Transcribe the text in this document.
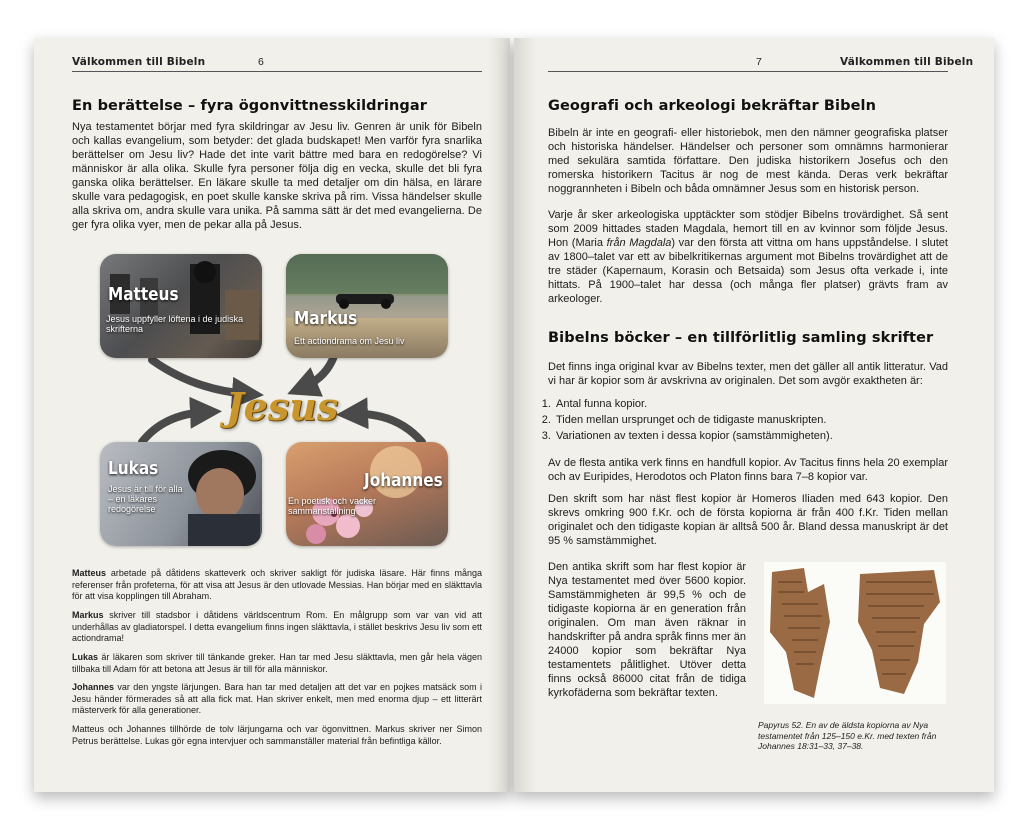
Välkommen till Bibeln	6
En berättelse – fyra ögonvittnesskildringar

Nya testamentet börjar med fyra skildringar av Jesu liv. Genren är unik för Bibeln och kallas evangelium, som betyder: det glada budskapet! Men varför fyra snarlika berättelser om Jesu liv? Hade det inte varit bättre med bara en redogörelse? Vi människor är alla olika. Skulle fyra personer följa dig en vecka, skulle det bli fyra ganska olika berättelser. En läkare skulle ta med detaljer om din hälsa, en lärare skulle vara pedagogisk, en poet skulle kanske skriva på rim. Vissa händelser skulle alla skriva om, andra skulle vara unika. På samma sätt är det med evangelierna. De ger fyra olika vyer, men de pekar alla på Jesus.

Matteus
Jesus uppfyller löftena i de judiska skrifterna	Markus
Ett actiondrama om Jesu liv
Lukas
Jesus är till för alla – en läkares redogörelse
Johannes
En poetisk och vacker sammanställning
Jesus

Matteus arbetade på dåtidens skatteverk och skriver sakligt för judiska läsare. Här finns många referenser från profeterna, för att visa att Jesus är den utlovade Messias. Han börjar med en släkttavla för att visa kopplingen till Abraham.

Markus skriver till stadsbor i dåtidens världscentrum Rom. En målgrupp som var van vid att underhållas av gladiatorspel. I detta evangelium finns ingen släkttavla, i stället beskrivs Jesu liv som ett actiondrama!

Lukas är läkaren som skriver till tänkande greker. Han tar med Jesu släkttavla, men går hela vägen tillbaka till Adam för att betona att Jesus är till för alla människor.

Johannes var den yngste lärjungen. Bara han tar med detaljen att det var en pojkes matsäck som i Jesu händer förmerades så att alla fick mat. Han skriver enkelt, men med enorma djup – ett litterärt mästerverk för alla generationer.

Matteus och Johannes tillhörde de tolv lärjungarna och var ögonvittnen. Markus skriver ner Simon Petrus berättelse. Lukas gör egna intervjuer och sammanställer material från befintliga källor.

7	Välkommen till Bibeln
Geografi och arkeologi bekräftar Bibeln

Bibeln är inte en geografi- eller historiebok, men den nämner geografiska platser och historiska händelser. Händelser och personer som omnämns harmonierar med sekulära samtida författare. Den judiska historikern Josefus och den romerska historikern Tacitus är nog de mest kända. Deras verk bekräftar noggrannheten i Bibeln och båda omnämner Jesus som en historisk person.

Varje år sker arkeologiska upptäckter som stödjer Bibelns trovärdighet. Så sent som 2009 hittades staden Magdala, hemort till en av kvinnor som följde Jesus. Hon (Maria från Magdala) var den första att vittna om hans uppståndelse. I slutet av 1800–talet var ett av bibelkritikernas argument mot Bibelns trovärdighet att de tre städer (Kapernaum, Korasin och Betsaida) som Jesus ofta verkade i, inte hittats. På 1900–talet har dessa (och många fler platser) grävts fram av arkeologer.

Bibelns böcker – en tillförlitlig samling skrifter

Det finns inga original kvar av Bibelns texter, men det gäller all antik litteratur. Vad vi har är kopior som är avskrivna av originalen. Det som avgör exaktheten är:

1. Antal funna kopior.
2. Tiden mellan ursprunget och de tidigaste manuskripten.
3. Variationen av texten i dessa kopior (samstämmigheten).

Av de flesta antika verk finns en handfull kopior. Av Tacitus finns hela 20 exemplar och av Euripides, Herodotos och Platon finns bara 7–8 kopior var.

Den skrift som har näst flest kopior är Homeros Iliaden med 643 kopior. Den skrevs omkring 900 f.Kr. och de första kopiorna är från 400 f.Kr. Tiden mellan originalet och den tidigaste kopian är alltså 500 år. Bland dessa manuskript är det 95 % samstämmighet.

Den antika skrift som har flest kopior är Nya testamentet med över 5600 kopior. Samstämmigheten är 99,5 % och de tidigaste kopiorna är en generation från originalen. Om man även räknar in handskrifter på andra språk finns mer än 24000 kopior som bekräftar Nya testamentets pålitlighet. Utöver detta finns också 86000 citat från de tidiga kyrkofäderna som bekräftar texten.

Papyrus 52. En av de äldsta kopiorna av Nya testamentet från 125–150 e.Kr. med texten från Johannes 18:31–33, 37–38.
